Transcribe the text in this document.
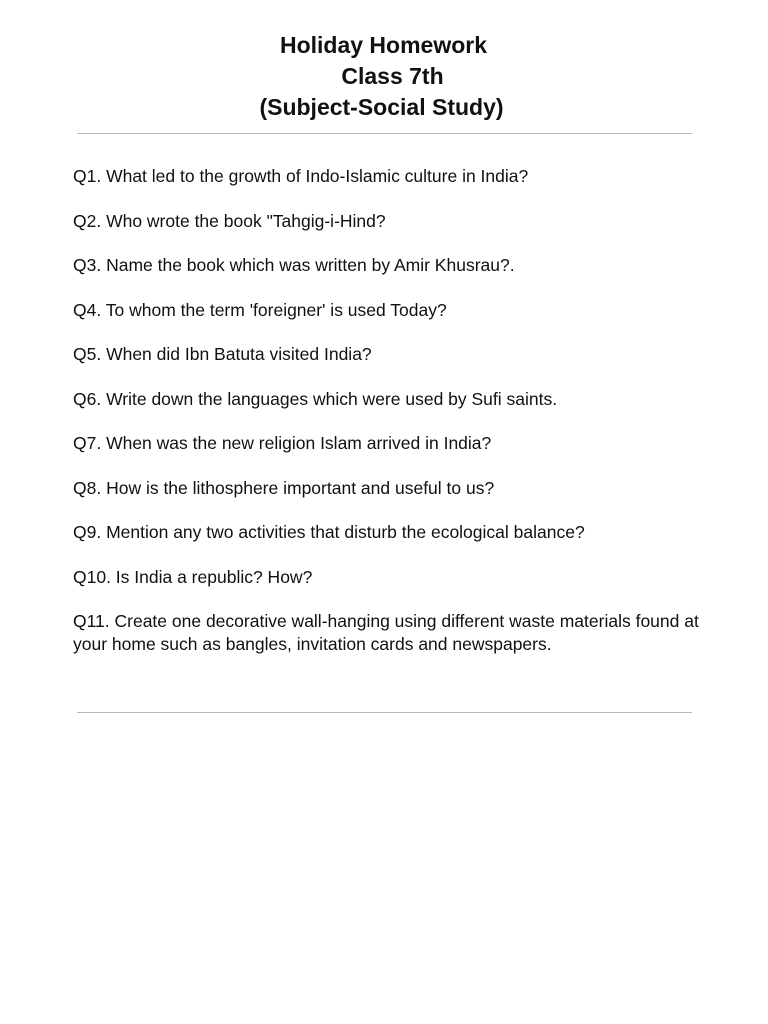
Holiday Homework
Class 7th
(Subject-Social Study)

Q1. What led to the growth of Indo-Islamic culture in India?

Q2. Who wrote the book "Tahgig-i-Hind?

Q3. Name the book which was written by Amir Khusrau?.

Q4. To whom the term 'foreigner' is used Today?

Q5. When did Ibn Batuta visited India?

Q6. Write down the languages which were used by Sufi saints.

Q7. When was the new religion Islam arrived in India?

Q8. How is the lithosphere important and useful to us?

Q9. Mention any two activities that disturb the ecological balance?

Q10. Is India a republic? How?

Q11. Create one decorative wall-hanging using different waste materials found at your home such as bangles, invitation cards and newspapers.
